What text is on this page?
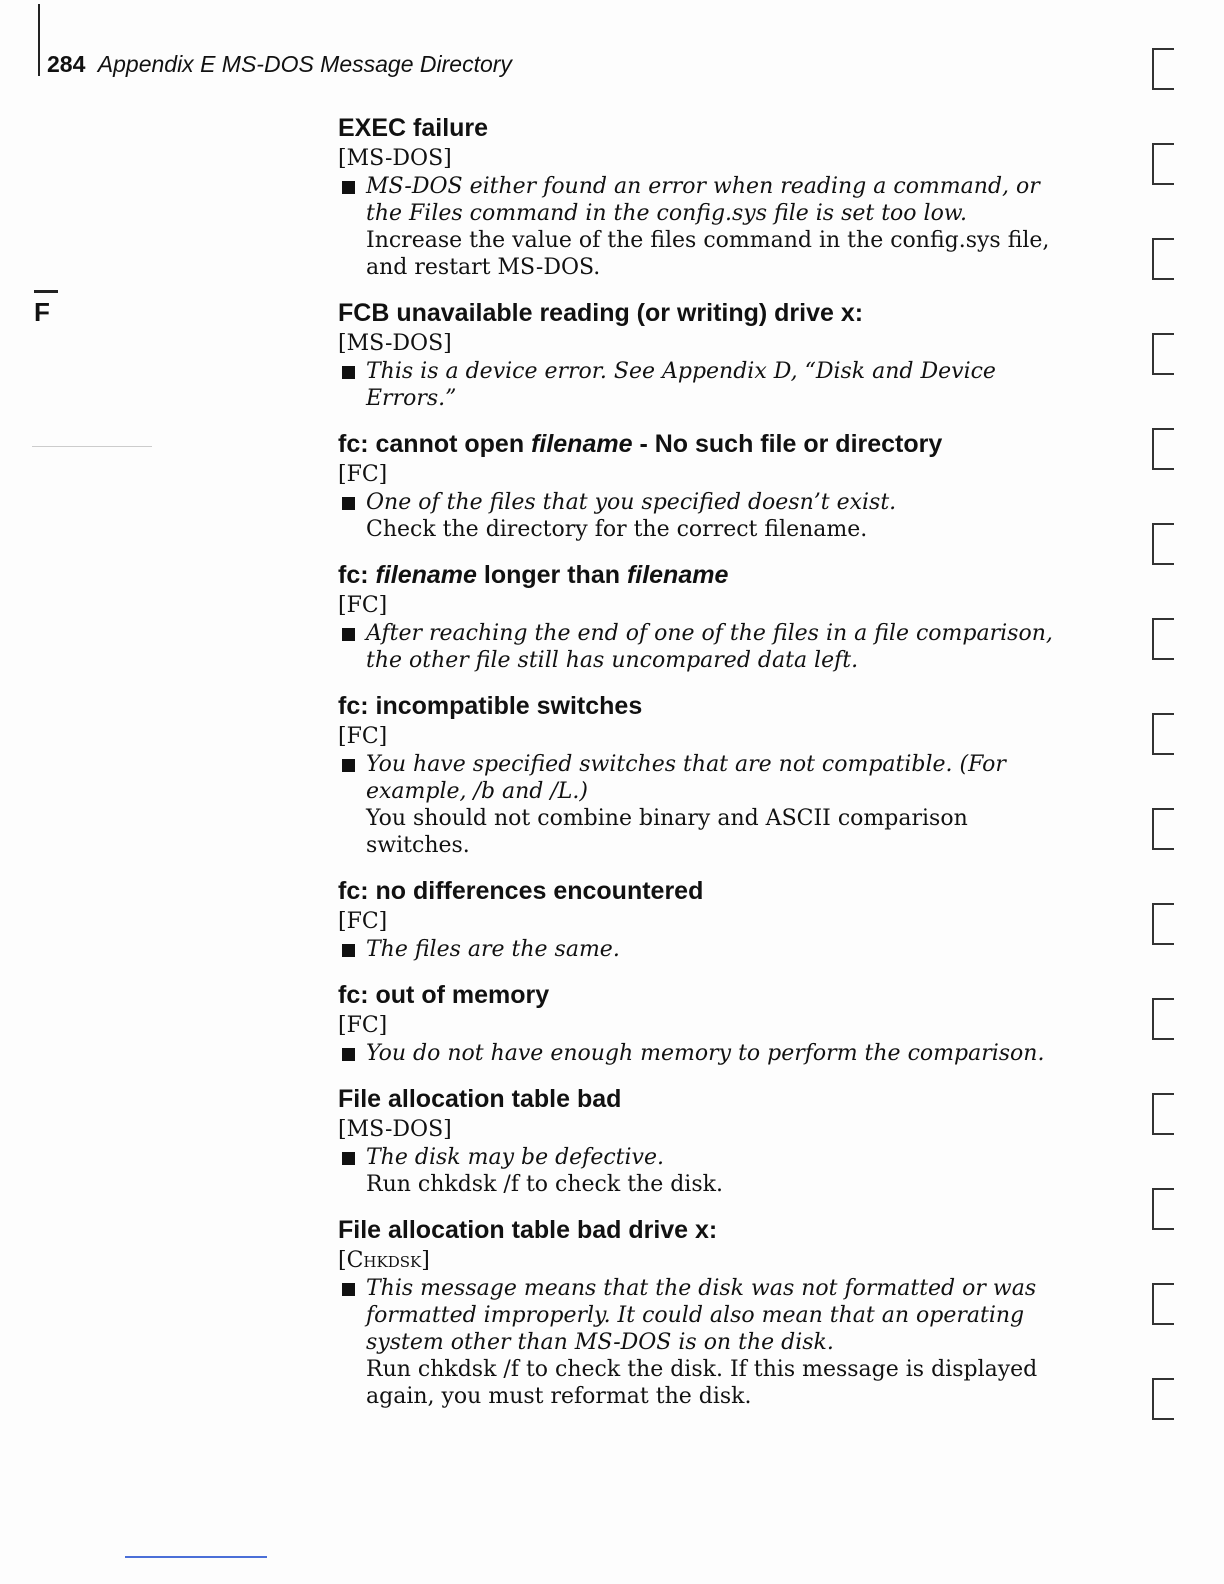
284 Appendix E MS-DOS Message Directory
F
EXEC failure
[MS-DOS]
MS-DOS either found an error when reading a command, or the Files command in the config.sys file is set too low.
Increase the value of the files command in the config.sys file, and restart MS-DOS.
FCB unavailable reading (or writing) drive x:
[MS-DOS]
This is a device error. See Appendix D, “Disk and Device Errors.”
fc: cannot open filename - No such file or directory
[FC]
One of the files that you specified doesn’t exist.
Check the directory for the correct filename.
fc: filename longer than filename
[FC]
After reaching the end of one of the files in a file comparison, the other file still has uncompared data left.
fc: incompatible switches
[FC]
You have specified switches that are not compatible. (For example, /b and /L.)
You should not combine binary and ASCII comparison switches.
fc: no differences encountered
[FC]
The files are the same.
fc: out of memory
[FC]
You do not have enough memory to perform the comparison.
File allocation table bad
[MS-DOS]
The disk may be defective.
Run chkdsk /f to check the disk.
File allocation table bad drive x:
[Chkdsk]
This message means that the disk was not formatted or was formatted improperly. It could also mean that an operating system other than MS-DOS is on the disk.
Run chkdsk /f to check the disk. If this message is displayed again, you must reformat the disk.
